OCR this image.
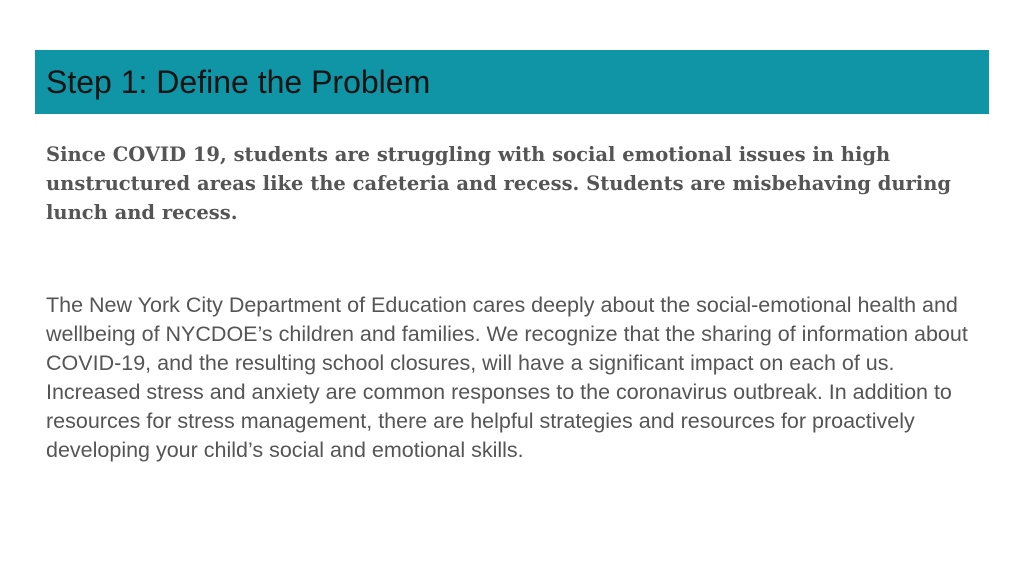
Step 1: Define the Problem

Since COVID 19, students are struggling with social emotional issues in high unstructured areas like the cafeteria and recess. Students are misbehaving during lunch and recess.

The New York City Department of Education cares deeply about the social-emotional health and wellbeing of NYCDOE’s children and families. We recognize that the sharing of information about COVID-19, and the resulting school closures, will have a significant impact on each of us. Increased stress and anxiety are common responses to the coronavirus outbreak. In addition to resources for stress management, there are helpful strategies and resources for proactively developing your child’s social and emotional skills.
